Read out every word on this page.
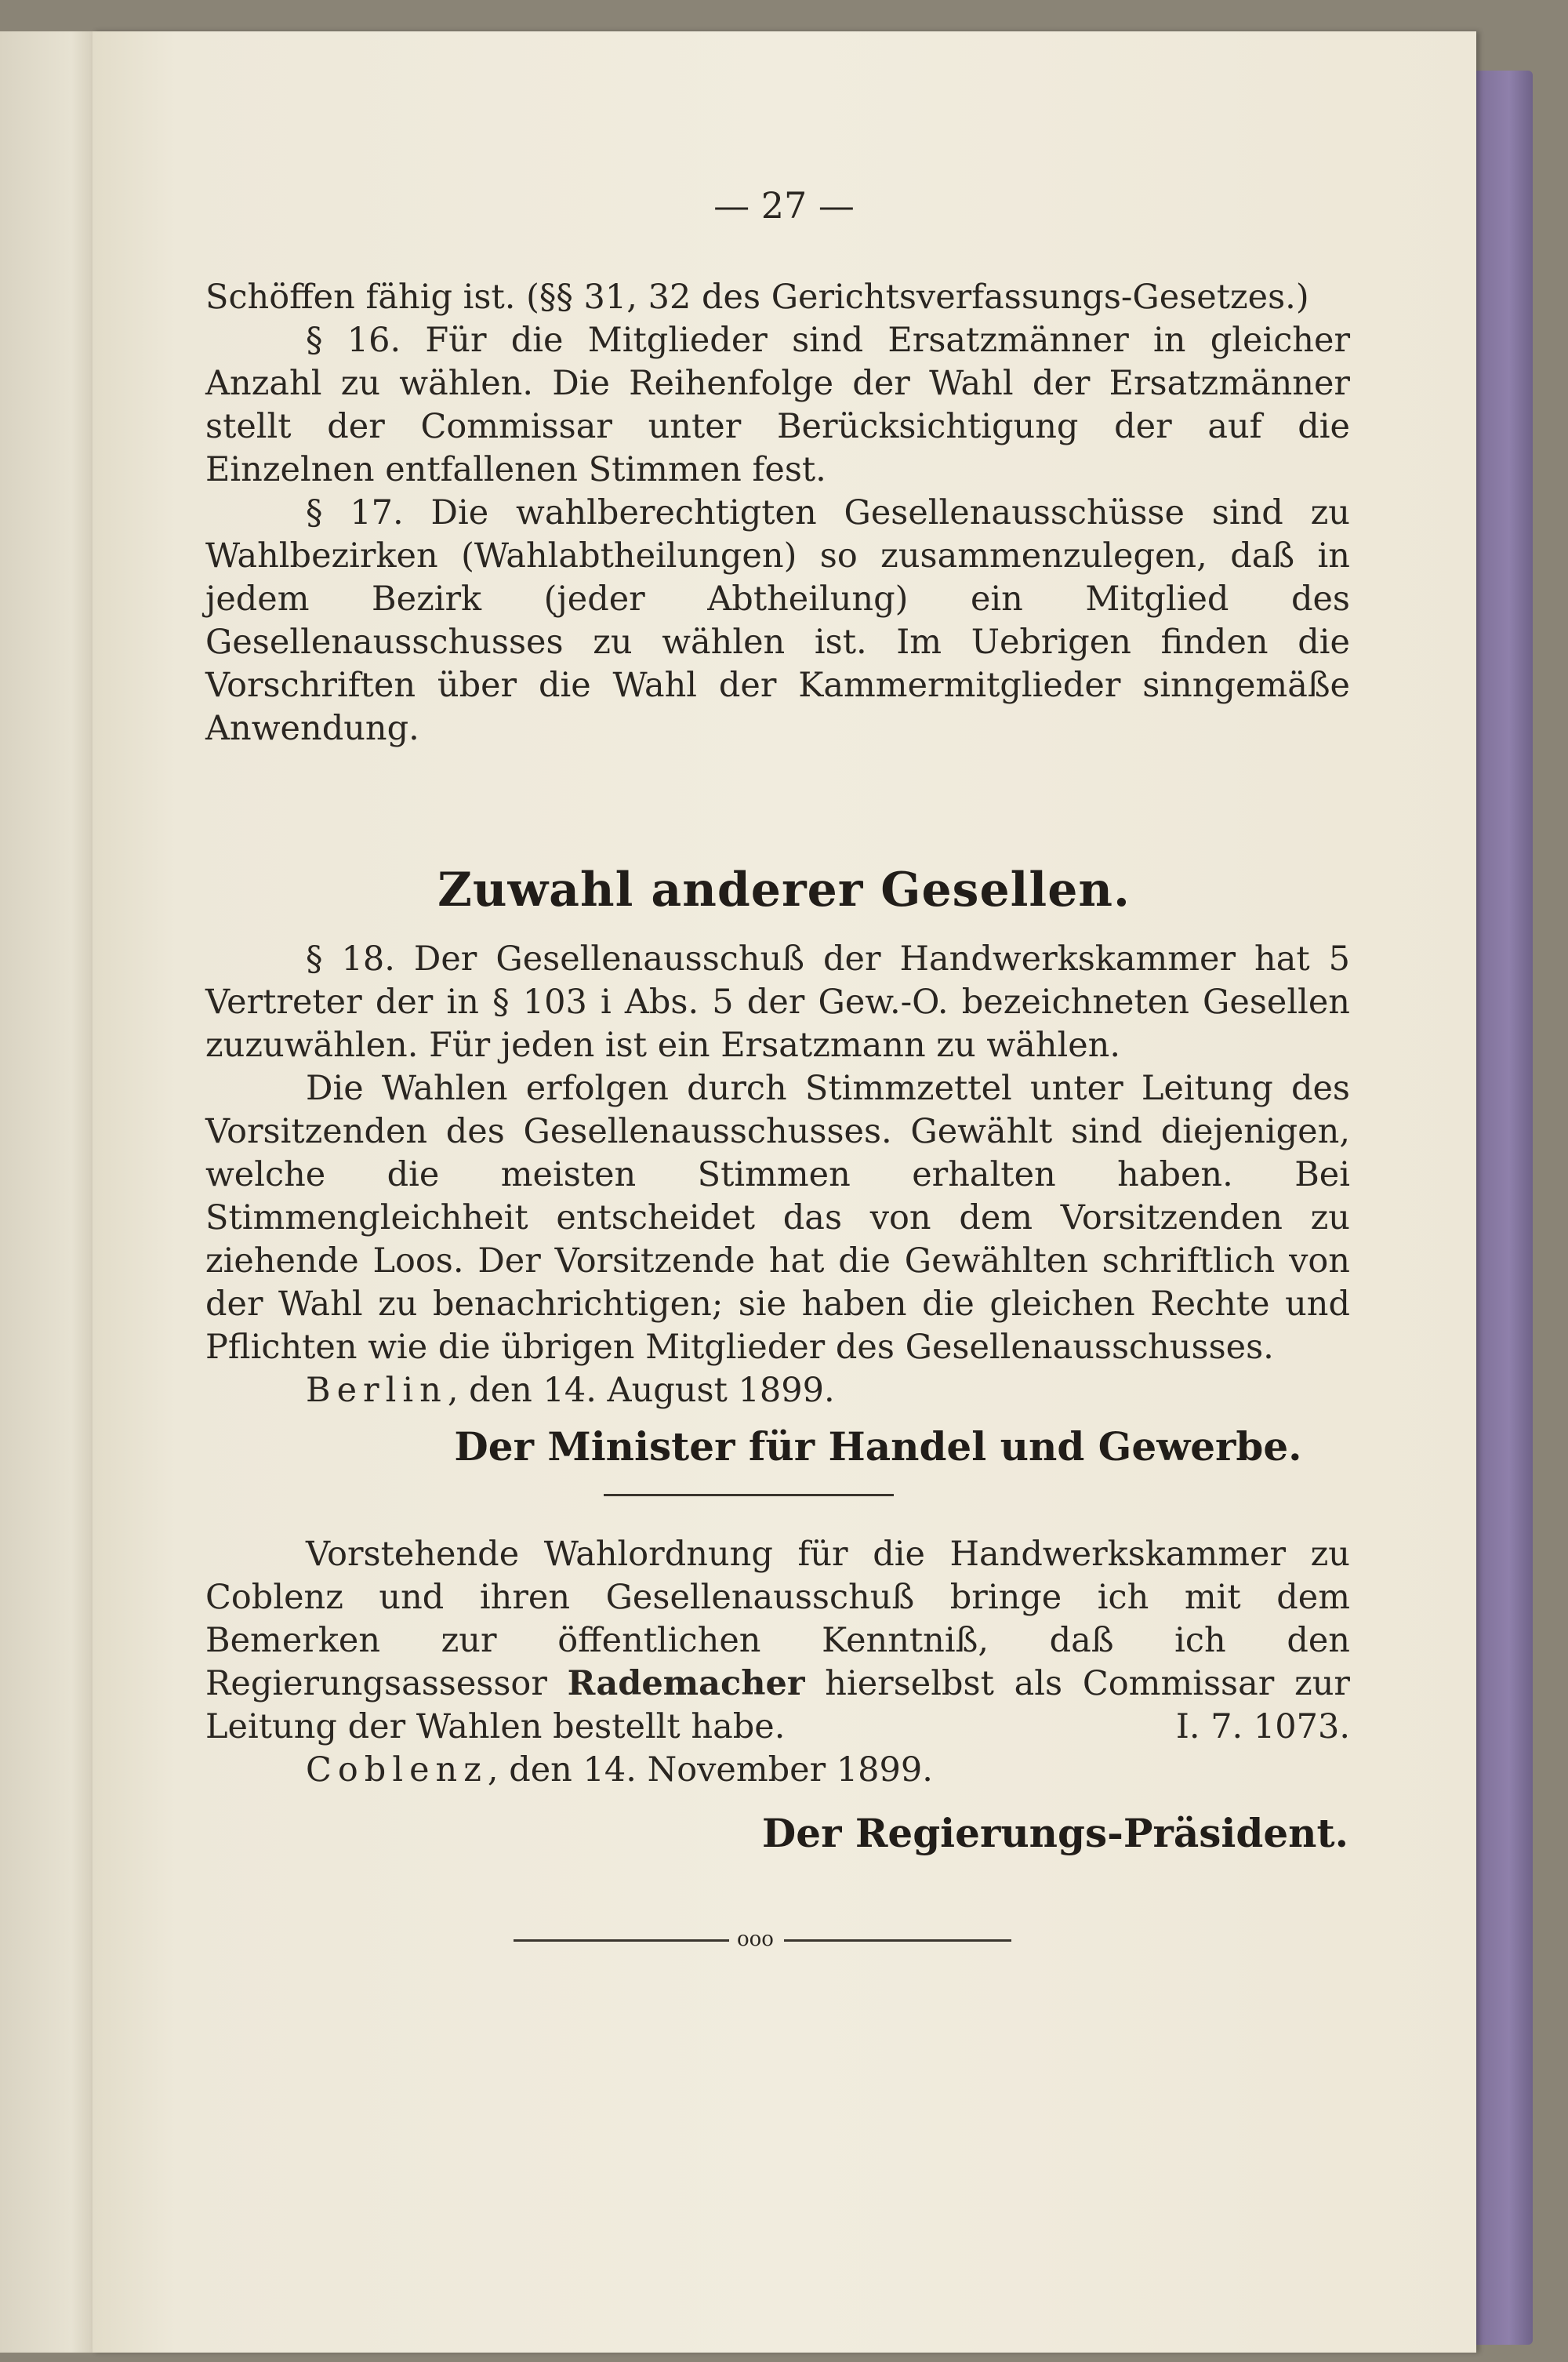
— 27 —

Schöffen fähig ist. (§§ 31, 32 des Gerichtsverfassungs-Gesetzes.)

§ 16. Für die Mitglieder sind Ersatzmänner in gleicher Anzahl zu wählen. Die Reihenfolge der Wahl der Ersatzmänner stellt der Commissar unter Berücksichtigung der auf die Einzelnen entfallenen Stimmen fest.

§ 17. Die wahlberechtigten Gesellenausschüsse sind zu Wahlbezirken (Wahlabtheilungen) so zusammenzulegen, daß in jedem Bezirk (jeder Abtheilung) ein Mitglied des Gesellenausschusses zu wählen ist. Im Uebrigen finden die Vorschriften über die Wahl der Kammermitglieder sinngemäße Anwendung.

Zuwahl anderer Gesellen.

§ 18. Der Gesellenausschuß der Handwerkskammer hat 5 Vertreter der in § 103 i Abs. 5 der Gew.-O. bezeichneten Gesellen zuzuwählen. Für jeden ist ein Ersatzmann zu wählen.

Die Wahlen erfolgen durch Stimmzettel unter Leitung des Vorsitzenden des Gesellenausschusses. Gewählt sind diejenigen, welche die meisten Stimmen erhalten haben. Bei Stimmengleichheit entscheidet das von dem Vorsitzenden zu ziehende Loos. Der Vorsitzende hat die Gewählten schriftlich von der Wahl zu benachrichtigen; sie haben die gleichen Rechte und Pflichten wie die übrigen Mitglieder des Gesellenausschusses.

Berlin, den 14. August 1899.

Der Minister für Handel und Gewerbe.

Vorstehende Wahlordnung für die Handwerkskammer zu Coblenz und ihren Gesellenausschuß bringe ich mit dem Bemerken zur öffentlichen Kenntniß, daß ich den Regierungsassessor Rademacher hierselbst als Commissar zur Leitung der Wahlen bestellt habe.	I. 7. 1073.

Coblenz, den 14. November 1899.

Der Regierungs-Präsident.
ooo
